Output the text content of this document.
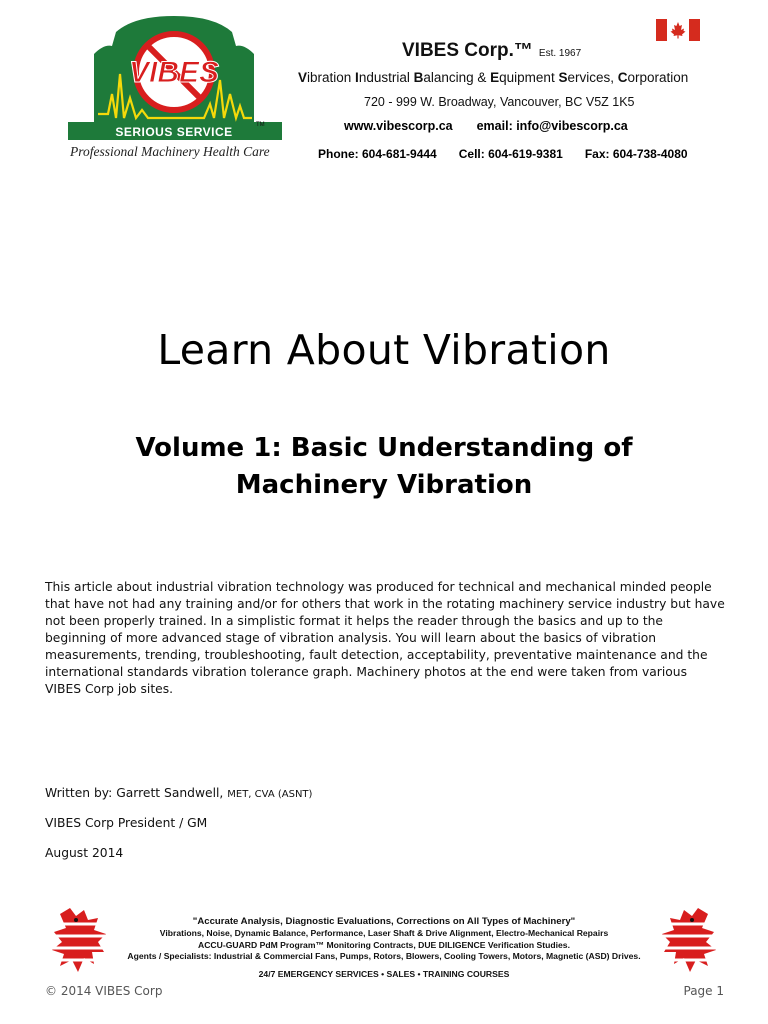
VIBES
SERIOUS SERVICE	TM
Professional Machinery Health Care
VIBES Corp.™ Est. 1967
Vibration Industrial Balancing & Equipment Services, Corporation
720 - 999 W. Broadway, Vancouver, BC V5Z 1K5
www.vibescorp.ca email: info@vibescorp.ca
Phone: 604-681-9444 Cell: 604-619-9381 Fax: 604-738-4080
Learn About Vibration
Volume 1: Basic Understanding of
Machinery Vibration
This article about industrial vibration technology was produced for technical and mechanical minded people that have not had any training and/or for others that work in the rotating machinery service industry but have not been properly trained. In a simplistic format it helps the reader through the basics and up to the beginning of more advanced stage of vibration analysis. You will learn about the basics of vibration measurements, trending, troubleshooting, fault detection, acceptability, preventative maintenance and the international standards vibration tolerance graph. Machinery photos at the end were taken from various VIBES Corp job sites.
Written by: Garrett Sandwell, MET, CVA (ASNT)
VIBES Corp President / GM
August 2014
"Accurate Analysis, Diagnostic Evaluations, Corrections on All Types of Machinery"
Vibrations, Noise, Dynamic Balance, Performance, Laser Shaft & Drive Alignment, Electro-Mechanical Repairs
ACCU-GUARD PdM Program™ Monitoring Contracts, DUE DILIGENCE Verification Studies.
Agents / Specialists: Industrial & Commercial Fans, Pumps, Rotors, Blowers, Cooling Towers, Motors, Magnetic (ASD) Drives.
24/7 EMERGENCY SERVICES • SALES • TRAINING COURSES
© 2014 VIBES Corp	Page 1
